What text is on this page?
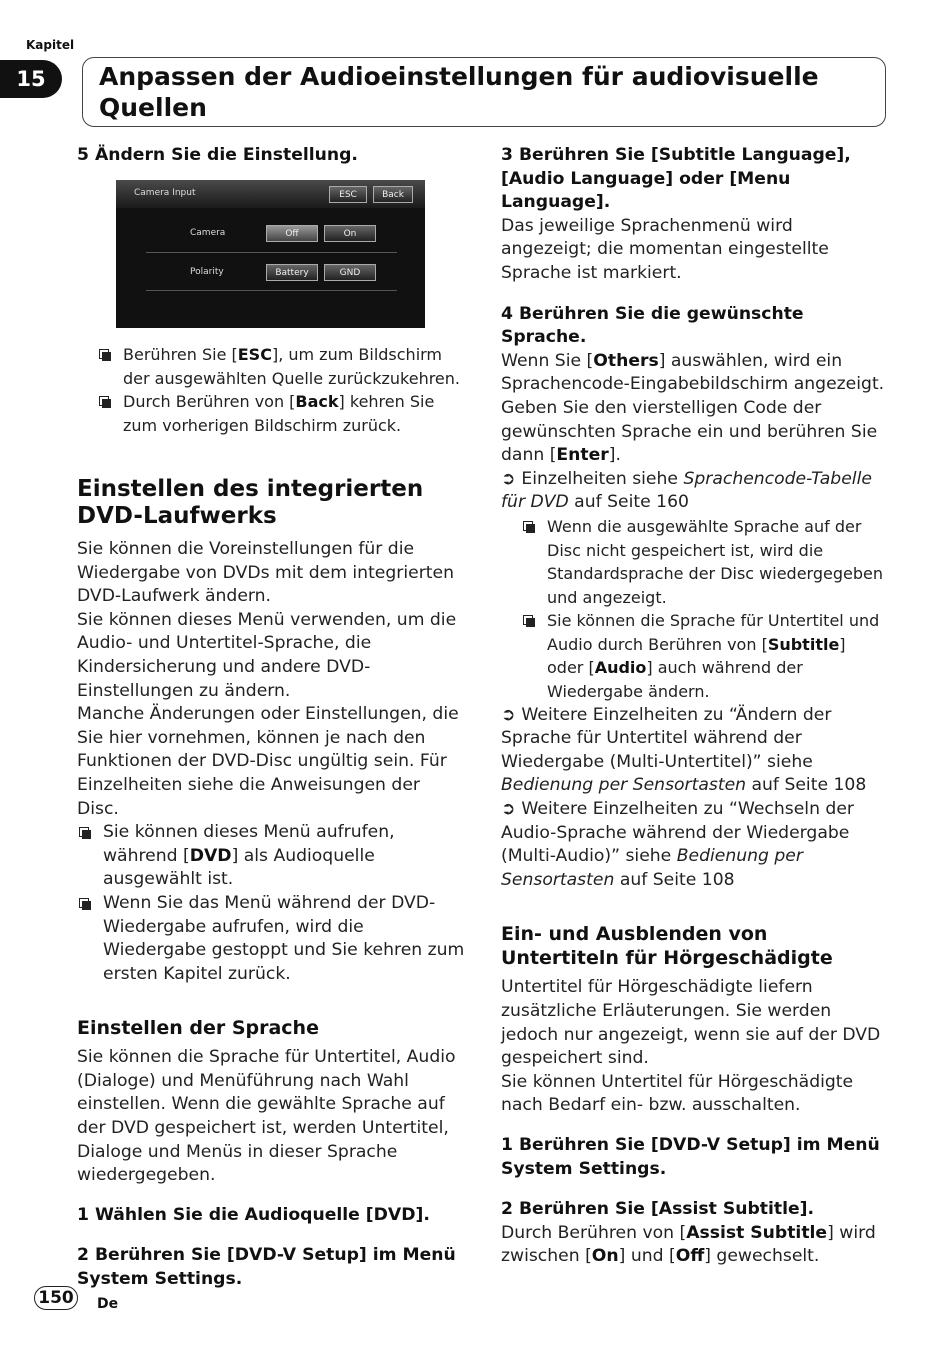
Kapitel
15	Anpassen der Audioeinstellungen für audiovisuelle Quellen

5 Ändern Sie die Einstellung.

Camera Input	ESC	Back
Camera	Off	On
Polarity	Battery	GND

Berühren Sie [ESC], um zum Bildschirm der ausgewählten Quelle zurückzukehren.

Durch Berühren von [Back] kehren Sie zum vorherigen Bildschirm zurück.

Einstellen des integrierten
DVD-Laufwerks

Sie können die Voreinstellungen für die Wiedergabe von DVDs mit dem integrierten DVD-Laufwerk ändern.

Sie können dieses Menü verwenden, um die Audio- und Untertitel-Sprache, die Kindersicherung und andere DVD-Einstellungen zu ändern.

Manche Änderungen oder Einstellungen, die Sie hier vornehmen, können je nach den Funktionen der DVD-Disc ungültig sein. Für Einzelheiten siehe die Anweisungen der Disc.

Sie können dieses Menü aufrufen, während [DVD] als Audioquelle ausgewählt ist.

Wenn Sie das Menü während der DVD-Wiedergabe aufrufen, wird die Wiedergabe gestoppt und Sie kehren zum ersten Kapitel zurück.

Einstellen der Sprache

Sie können die Sprache für Untertitel, Audio (Dialoge) und Menüführung nach Wahl einstellen. Wenn die gewählte Sprache auf der DVD gespeichert ist, werden Untertitel, Dialoge und Menüs in dieser Sprache wiedergegeben.

1 Wählen Sie die Audioquelle [DVD].

2 Berühren Sie [DVD-V Setup] im Menü System Settings.

3 Berühren Sie [Subtitle Language], [Audio Language] oder [Menu Language].

Das jeweilige Sprachenmenü wird angezeigt; die momentan eingestellte Sprache ist markiert.

4 Berühren Sie die gewünschte Sprache.

Wenn Sie [Others] auswählen, wird ein Sprachencode-Eingabebildschirm angezeigt. Geben Sie den vierstelligen Code der gewünschten Sprache ein und berühren Sie dann [Enter].

➲ Einzelheiten siehe Sprachencode-Tabelle für DVD auf Seite 160

Wenn die ausgewählte Sprache auf der Disc nicht gespeichert ist, wird die Standardsprache der Disc wiedergegeben und angezeigt.

Sie können die Sprache für Untertitel und Audio durch Berühren von [Subtitle] oder [Audio] auch während der Wiedergabe ändern.

➲ Weitere Einzelheiten zu “Ändern der Sprache für Untertitel während der Wiedergabe (Multi-Untertitel)” siehe Bedienung per Sensortasten auf Seite 108

➲ Weitere Einzelheiten zu “Wechseln der Audio-Sprache während der Wiedergabe (Multi-Audio)” siehe Bedienung per Sensortasten auf Seite 108

Ein- und Ausblenden von Untertiteln für Hörgeschädigte

Untertitel für Hörgeschädigte liefern zusätzliche Erläuterungen. Sie werden jedoch nur angezeigt, wenn sie auf der DVD gespeichert sind.

Sie können Untertitel für Hörgeschädigte nach Bedarf ein- bzw. ausschalten.

1 Berühren Sie [DVD-V Setup] im Menü System Settings.

2 Berühren Sie [Assist Subtitle].

Durch Berühren von [Assist Subtitle] wird zwischen [On] und [Off] gewechselt.

150	De
